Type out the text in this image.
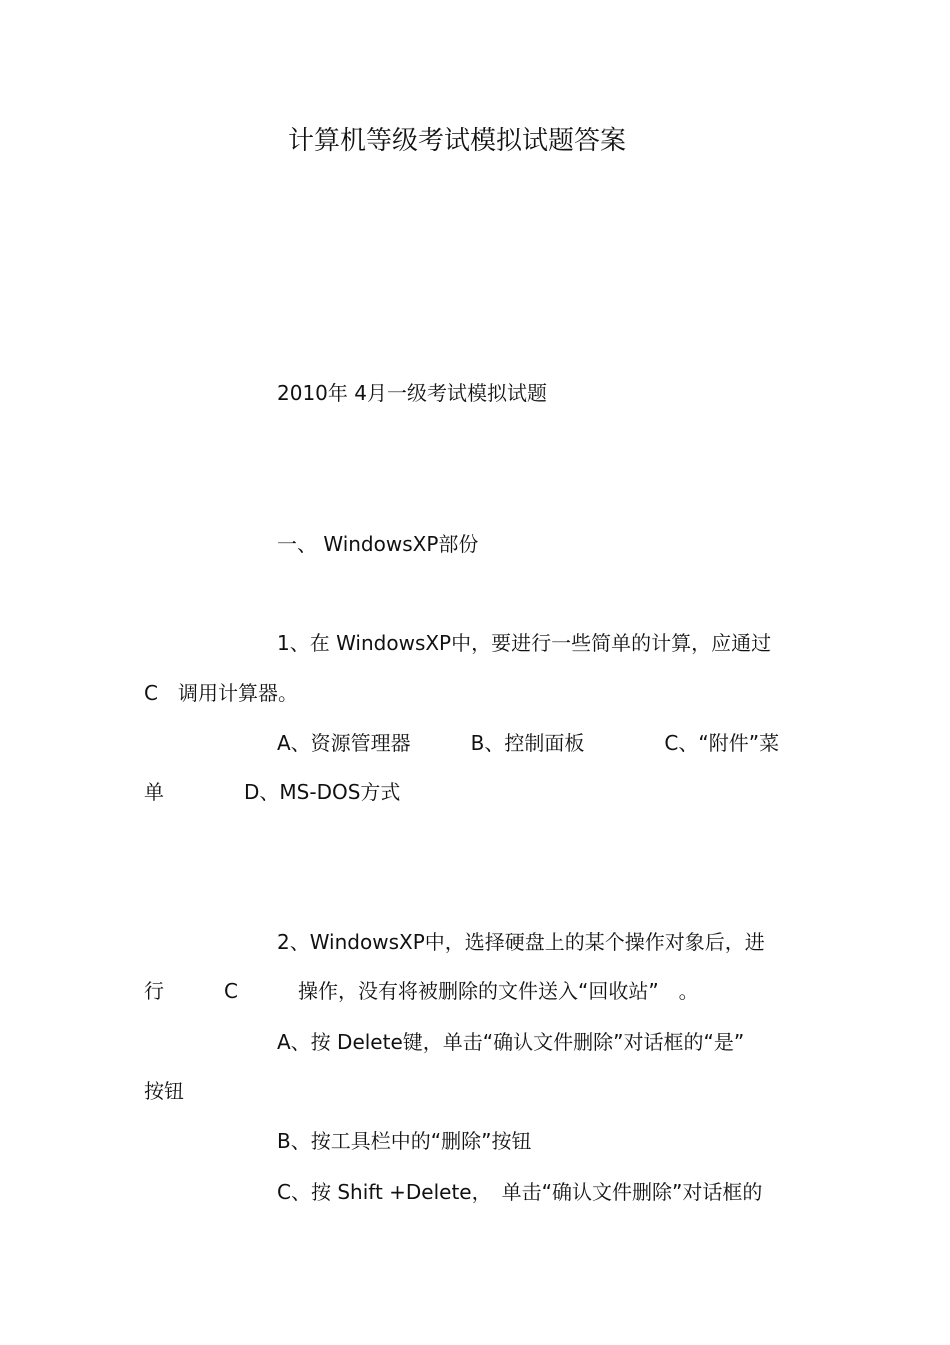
计算机等级考试模拟试题答案

2010年 4月一级考试模拟试题

一、 WindowsXP部份

1、在 WindowsXP中，要进行一些简单的计算，应通过

C　调用计算器。

A、资源管理器　　　B、控制面板　　　　C、“附件”菜

单　　　　D、MS-DOS方式

2、WindowsXP中，选择硬盘上的某个操作对象后，进

行　　　C　　　操作，没有将被删除的文件送入“回收站”　。

A、按 Delete键，单击“确认文件删除”对话框的“是”

按钮

B、按工具栏中的“删除”按钮

C、按 Shift +Delete，　单击“确认文件删除”对话框的
